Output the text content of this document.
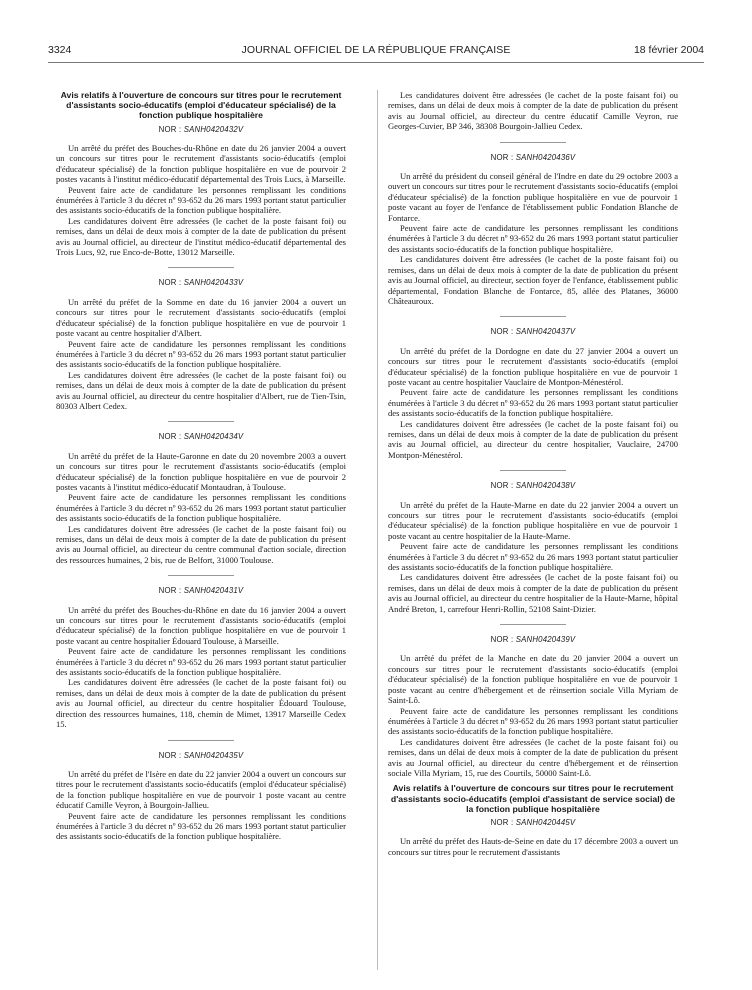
3324	JOURNAL OFFICIEL DE LA RÉPUBLIQUE FRANÇAISE	18 février 2004
Avis relatifs à l'ouverture de concours sur titres pour le recrutement d'assistants socio-éducatifs (emploi d'éducateur spécialisé) de la fonction publique hospitalière
NOR : SANH0420432V

Un arrêté du préfet des Bouches-du-Rhône en date du 26 janvier 2004 a ouvert un concours sur titres pour le recrutement d'assistants socio-éducatifs (emploi d'éducateur spécialisé) de la fonction publique hospitalière en vue de pourvoir 2 postes vacants à l'institut médico-éducatif départemental des Trois Lucs, à Marseille.

Peuvent faire acte de candidature les personnes remplissant les conditions énumérées à l'article 3 du décret nº 93-652 du 26 mars 1993 portant statut particulier des assistants socio-éducatifs de la fonction publique hospitalière.

Les candidatures doivent être adressées (le cachet de la poste faisant foi) ou remises, dans un délai de deux mois à compter de la date de publication du présent avis au Journal officiel, au directeur de l'institut médico-éducatif départemental des Trois Lucs, 92, rue Enco-de-Botte, 13012 Marseille.

NOR : SANH0420433V

Un arrêté du préfet de la Somme en date du 16 janvier 2004 a ouvert un concours sur titres pour le recrutement d'assistants socio-éducatifs (emploi d'éducateur spécialisé) de la fonction publique hospitalière en vue de pourvoir 1 poste vacant au centre hospitalier d'Albert.

Peuvent faire acte de candidature les personnes remplissant les conditions énumérées à l'article 3 du décret nº 93-652 du 26 mars 1993 portant statut particulier des assistants socio-éducatifs de la fonction publique hospitalière.

Les candidatures doivent être adressées (le cachet de la poste faisant foi) ou remises, dans un délai de deux mois à compter de la date de publication du présent avis au Journal officiel, au directeur du centre hospitalier d'Albert, rue de Tien-Tsin, 80303 Albert Cedex.

NOR : SANH0420434V

Un arrêté du préfet de la Haute-Garonne en date du 20 novembre 2003 a ouvert un concours sur titres pour le recrutement d'assistants socio-éducatifs (emploi d'éducateur spécialisé) de la fonction publique hospitalière en vue de pourvoir 2 postes vacants à l'institut médico-éducatif Montaudran, à Toulouse.

Peuvent faire acte de candidature les personnes remplissant les conditions énumérées à l'article 3 du décret nº 93-652 du 26 mars 1993 portant statut particulier des assistants socio-éducatifs de la fonction publique hospitalière.

Les candidatures doivent être adressées (le cachet de la poste faisant foi) ou remises, dans un délai de deux mois à compter de la date de publication du présent avis au Journal officiel, au directeur du centre communal d'action sociale, direction des ressources humaines, 2 bis, rue de Belfort, 31000 Toulouse.

NOR : SANH0420431V

Un arrêté du préfet des Bouches-du-Rhône en date du 16 janvier 2004 a ouvert un concours sur titres pour le recrutement d'assistants socio-éducatifs (emploi d'éducateur spécialisé) de la fonction publique hospitalière en vue de pourvoir 1 poste vacant au centre hospitalier Édouard Toulouse, à Marseille.

Peuvent faire acte de candidature les personnes remplissant les conditions énumérées à l'article 3 du décret nº 93-652 du 26 mars 1993 portant statut particulier des assistants socio-éducatifs de la fonction publique hospitalière.

Les candidatures doivent être adressées (le cachet de la poste faisant foi) ou remises, dans un délai de deux mois à compter de la date de publication du présent avis au Journal officiel, au directeur du centre hospitalier Édouard Toulouse, direction des ressources humaines, 118, chemin de Mimet, 13917 Marseille Cedex 15.

NOR : SANH0420435V

Un arrêté du préfet de l'Isère en date du 22 janvier 2004 a ouvert un concours sur titres pour le recrutement d'assistants socio-éducatifs (emploi d'éducateur spécialisé) de la fonction publique hospitalière en vue de pourvoir 1 poste vacant au centre éducatif Camille Veyron, à Bourgoin-Jallieu.

Peuvent faire acte de candidature les personnes remplissant les conditions énumérées à l'article 3 du décret nº 93-652 du 26 mars 1993 portant statut particulier des assistants socio-éducatifs de la fonction publique hospitalière.

Les candidatures doivent être adressées (le cachet de la poste faisant foi) ou remises, dans un délai de deux mois à compter de la date de publication du présent avis au Journal officiel, au directeur du centre éducatif Camille Veyron, rue Georges-Cuvier, BP 346, 38308 Bourgoin-Jallieu Cedex.

NOR : SANH0420436V

Un arrêté du président du conseil général de l'Indre en date du 29 octobre 2003 a ouvert un concours sur titres pour le recrutement d'assistants socio-éducatifs (emploi d'éducateur spécialisé) de la fonction publique hospitalière en vue de pourvoir 1 poste vacant au foyer de l'enfance de l'établissement public Fondation Blanche de Fontarce.

Peuvent faire acte de candidature les personnes remplissant les conditions énumérées à l'article 3 du décret nº 93-652 du 26 mars 1993 portant statut particulier des assistants socio-éducatifs de la fonction publique hospitalière.

Les candidatures doivent être adressées (le cachet de la poste faisant foi) ou remises, dans un délai de deux mois à compter de la date de publication du présent avis au Journal officiel, au directeur, section foyer de l'enfance, établissement public départemental, Fondation Blanche de Fontarce, 85, allée des Platanes, 36000 Châteauroux.

NOR : SANH0420437V

Un arrêté du préfet de la Dordogne en date du 27 janvier 2004 a ouvert un concours sur titres pour le recrutement d'assistants socio-éducatifs (emploi d'éducateur spécialisé) de la fonction publique hospitalière en vue de pourvoir 1 poste vacant au centre hospitalier Vauclaire de Montpon-Ménestérol.

Peuvent faire acte de candidature les personnes remplissant les conditions énumérées à l'article 3 du décret nº 93-652 du 26 mars 1993 portant statut particulier des assistants socio-éducatifs de la fonction publique hospitalière.

Les candidatures doivent être adressées (le cachet de la poste faisant foi) ou remises, dans un délai de deux mois à compter de la date de publication du présent avis au Journal officiel, au directeur du centre hospitalier, Vauclaire, 24700 Montpon-Ménestérol.

NOR : SANH0420438V

Un arrêté du préfet de la Haute-Marne en date du 22 janvier 2004 a ouvert un concours sur titres pour le recrutement d'assistants socio-éducatifs (emploi d'éducateur spécialisé) de la fonction publique hospitalière en vue de pourvoir 1 poste vacant au centre hospitalier de la Haute-Marne.

Peuvent faire acte de candidature les personnes remplissant les conditions énumérées à l'article 3 du décret nº 93-652 du 26 mars 1993 portant statut particulier des assistants socio-éducatifs de la fonction publique hospitalière.

Les candidatures doivent être adressées (le cachet de la poste faisant foi) ou remises, dans un délai de deux mois à compter de la date de publication du présent avis au Journal officiel, au directeur du centre hospitalier de la Haute-Marne, hôpital André Breton, 1, carrefour Henri-Rollin, 52108 Saint-Dizier.

NOR : SANH0420439V

Un arrêté du préfet de la Manche en date du 20 janvier 2004 a ouvert un concours sur titres pour le recrutement d'assistants socio-éducatifs (emploi d'éducateur spécialisé) de la fonction publique hospitalière en vue de pourvoir 1 poste vacant au centre d'hébergement et de réinsertion sociale Villa Myriam de Saint-Lô.

Peuvent faire acte de candidature les personnes remplissant les conditions énumérées à l'article 3 du décret nº 93-652 du 26 mars 1993 portant statut particulier des assistants socio-éducatifs de la fonction publique hospitalière.

Les candidatures doivent être adressées (le cachet de la poste faisant foi) ou remises, dans un délai de deux mois à compter de la date de publication du présent avis au Journal officiel, au directeur du centre d'hébergement et de réinsertion sociale Villa Myriam, 15, rue des Courtils, 50000 Saint-Lô.

Avis relatifs à l'ouverture de concours sur titres pour le recrutement d'assistants socio-éducatifs (emploi d'assistant de service social) de la fonction publique hospitalière
NOR : SANH0420445V

Un arrêté du préfet des Hauts-de-Seine en date du 17 décembre 2003 a ouvert un concours sur titres pour le recrutement d'assistants
